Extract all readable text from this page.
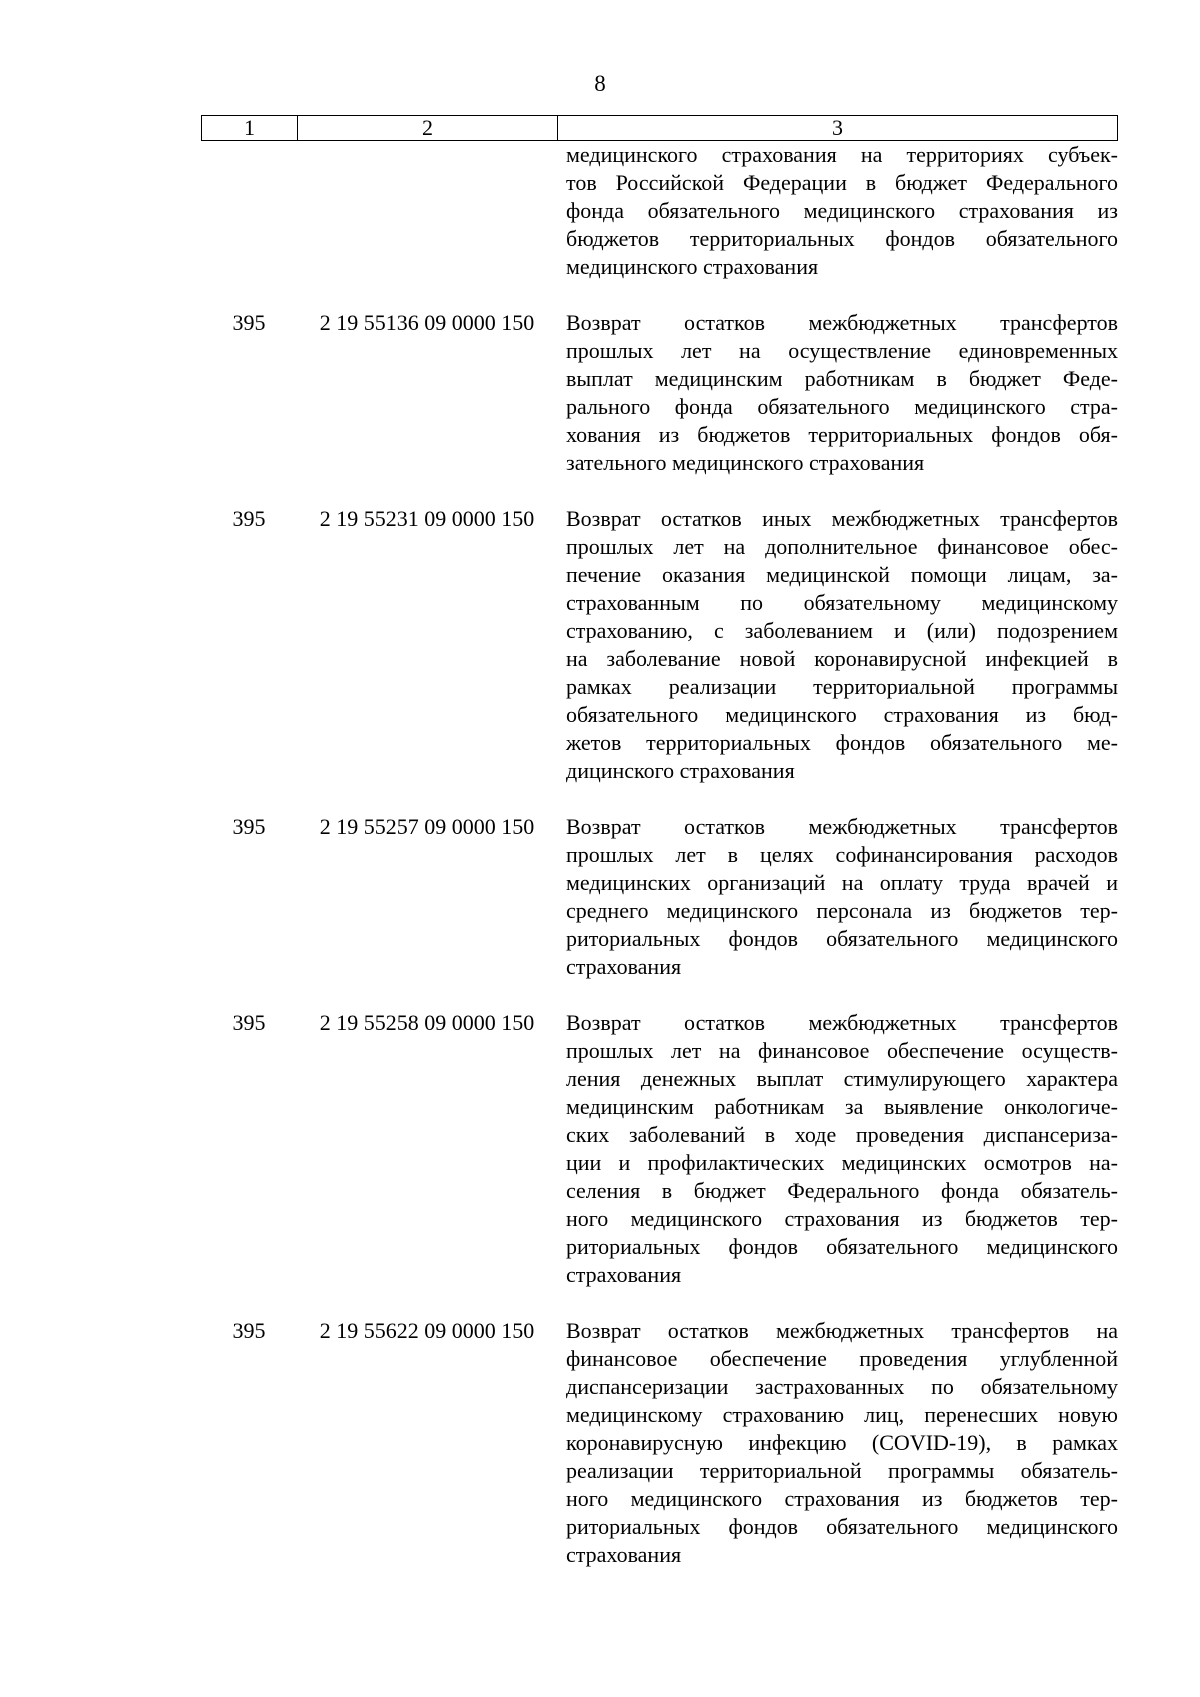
8
1	2	3
медицинского страхования на территориях субъек-
тов Российской Федерации в бюджет Федерального
фонда обязательного медицинского страхования из
бюджетов территориальных фондов обязательного
медицинского страхования
395	2 19 55136 09 0000 150	Возврат остатков межбюджетных трансфертов
прошлых лет на осуществление единовременных
выплат медицинским работникам в бюджет Феде-
рального фонда обязательного медицинского стра-
хования из бюджетов территориальных фондов обя-
зательного медицинского страхования
395	2 19 55231 09 0000 150	Возврат остатков иных межбюджетных трансфертов
прошлых лет на дополнительное финансовое обес-
печение оказания медицинской помощи лицам, за-
страхованным по обязательному медицинскому
страхованию, с заболеванием и (или) подозрением
на заболевание новой коронавирусной инфекцией в
рамках реализации территориальной программы
обязательного медицинского страхования из бюд-
жетов территориальных фондов обязательного ме-
дицинского страхования
395	2 19 55257 09 0000 150	Возврат остатков межбюджетных трансфертов
прошлых лет в целях софинансирования расходов
медицинских организаций на оплату труда врачей и
среднего медицинского персонала из бюджетов тер-
риториальных фондов обязательного медицинского
страхования
395	2 19 55258 09 0000 150	Возврат остатков межбюджетных трансфертов
прошлых лет на финансовое обеспечение осуществ-
ления денежных выплат стимулирующего характера
медицинским работникам за выявление онкологиче-
ских заболеваний в ходе проведения диспансериза-
ции и профилактических медицинских осмотров на-
селения в бюджет Федерального фонда обязатель-
ного медицинского страхования из бюджетов тер-
риториальных фондов обязательного медицинского
страхования
395	2 19 55622 09 0000 150	Возврат остатков межбюджетных трансфертов на
финансовое обеспечение проведения углубленной
диспансеризации застрахованных по обязательному
медицинскому страхованию лиц, перенесших новую
коронавирусную инфекцию (COVID-19), в рамках
реализации территориальной программы обязатель-
ного медицинского страхования из бюджетов тер-
риториальных фондов обязательного медицинского
страхования
